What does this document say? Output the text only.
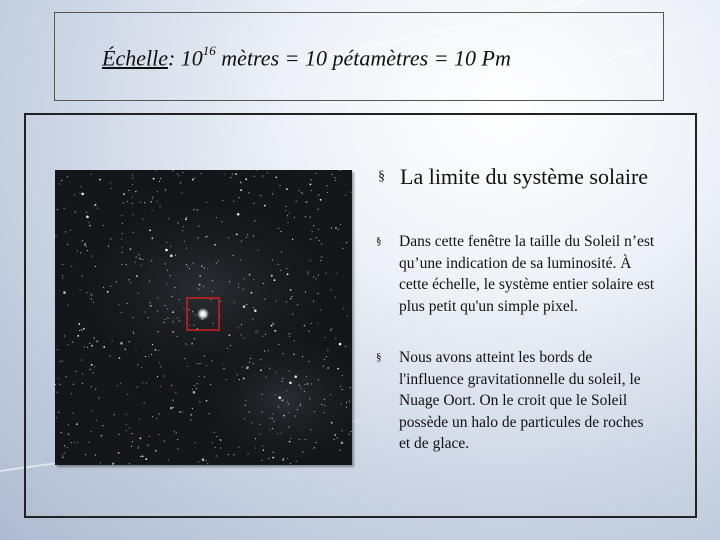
Échelle: $10^{16}$ mètres = 10 pétamètres = 10 Pm
§ La limite du système solaire
§	Dans cette fenêtre la taille du Soleil n’est qu’une indication de sa luminosité. À cette échelle, le système entier solaire est plus petit qu'un simple pixel.
§	Nous avons atteint les bords de l'influence gravitationnelle du soleil, le Nuage Oort. On le croit que le Soleil possède un halo de particules de roches et de glace.
